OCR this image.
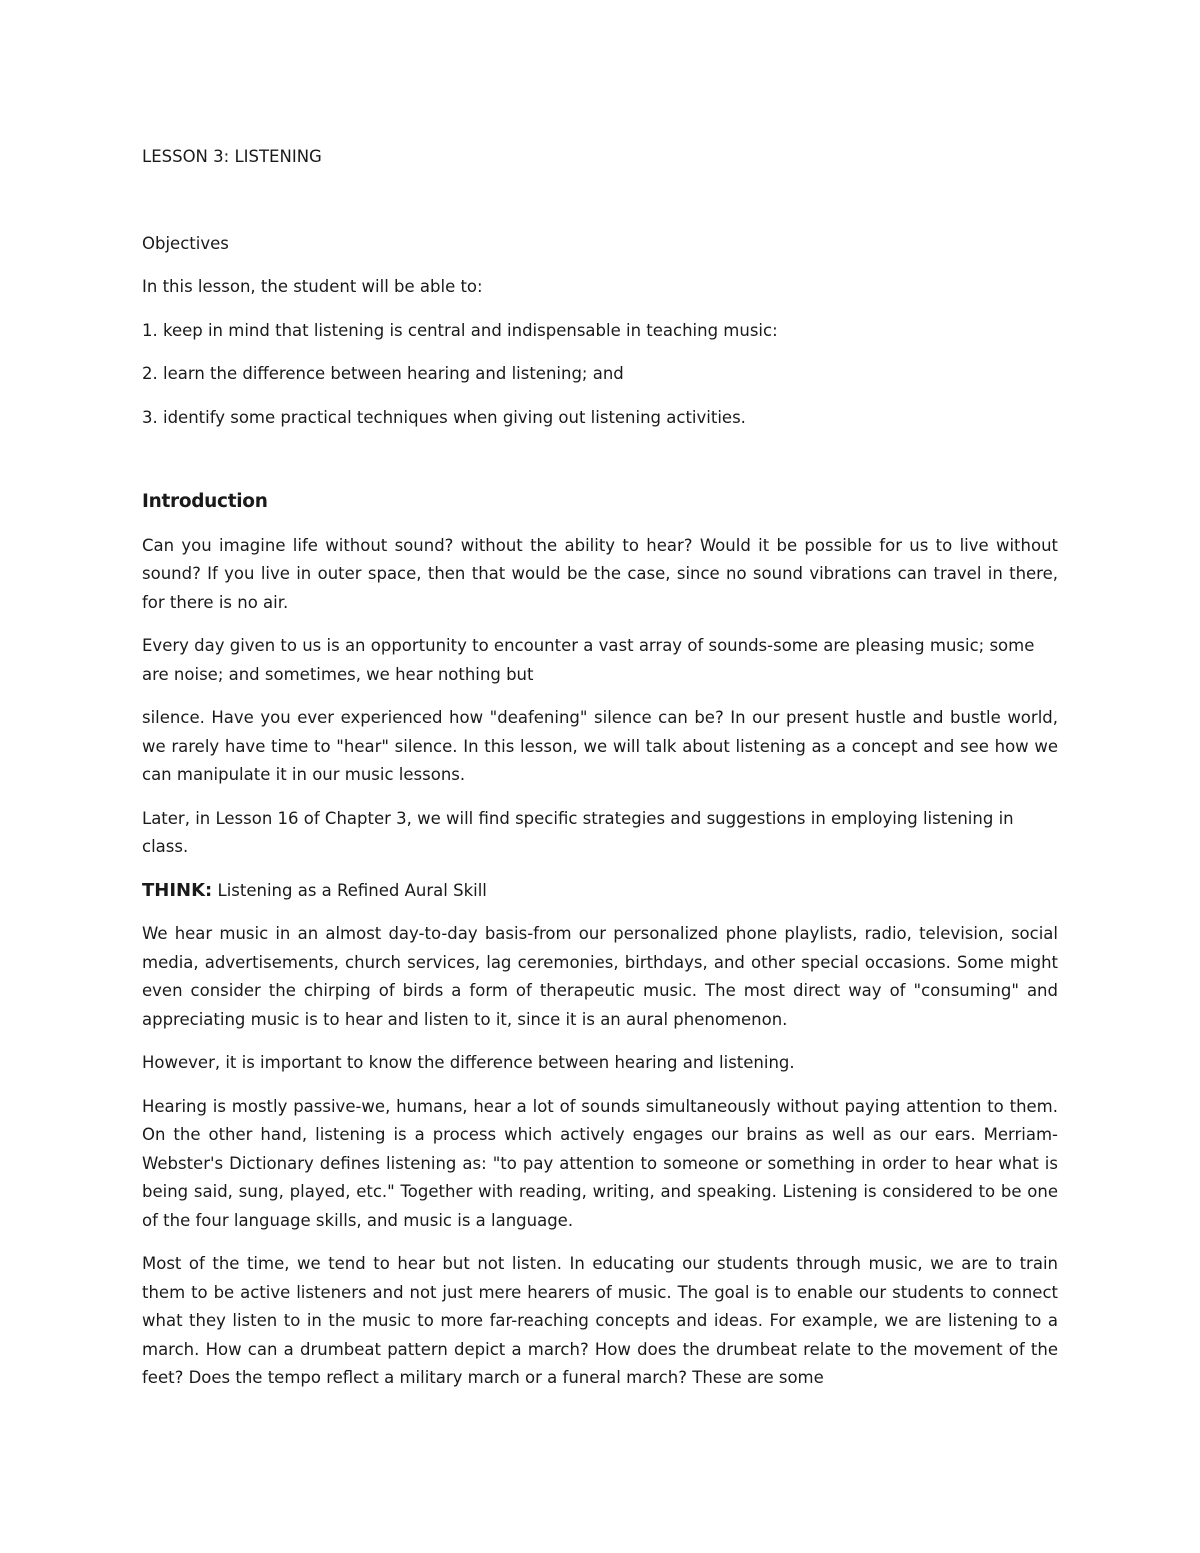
LESSON 3: LISTENING
Objectives
In this lesson, the student will be able to:
1. keep in mind that listening is central and indispensable in teaching music:
2. learn the difference between hearing and listening; and
3. identify some practical techniques when giving out listening activities.
Introduction

Can you imagine life without sound? without the ability to hear? Would it be possible for us to live without sound? If you live in outer space, then that would be the case, since no sound vibrations can travel in there, for there is no air.

Every day given to us is an opportunity to encounter a vast array of sounds-some are pleasing music; some are noise; and sometimes, we hear nothing but

silence. Have you ever experienced how "deafening" silence can be? In our present hustle and bustle world, we rarely have time to "hear" silence. In this lesson, we will talk about listening as a concept and see how we can manipulate it in our music lessons.

Later, in Lesson 16 of Chapter 3, we will find specific strategies and suggestions in employing listening in class.

THINK: Listening as a Refined Aural Skill

We hear music in an almost day-to-day basis-from our personalized phone playlists, radio, television, social media, advertisements, church services, lag ceremonies, birthdays, and other special occasions. Some might even consider the chirping of birds a form of therapeutic music. The most direct way of "consuming" and appreciating music is to hear and listen to it, since it is an aural phenomenon.

However, it is important to know the difference between hearing and listening.

Hearing is mostly passive-we, humans, hear a lot of sounds simultaneously without paying attention to them. On the other hand, listening is a process which actively engages our brains as well as our ears. Merriam-Webster's Dictionary defines listening as: "to pay attention to someone or something in order to hear what is being said, sung, played, etc." Together with reading, writing, and speaking. Listening is considered to be one of the four language skills, and music is a language.

Most of the time, we tend to hear but not listen. In educating our students through music, we are to train them to be active listeners and not just mere hearers of music. The goal is to enable our students to connect what they listen to in the music to more far-reaching concepts and ideas. For example, we are listening to a march. How can a drumbeat pattern depict a march? How does the drumbeat relate to the movement of the feet? Does the tempo reflect a military march or a funeral march? These are some
